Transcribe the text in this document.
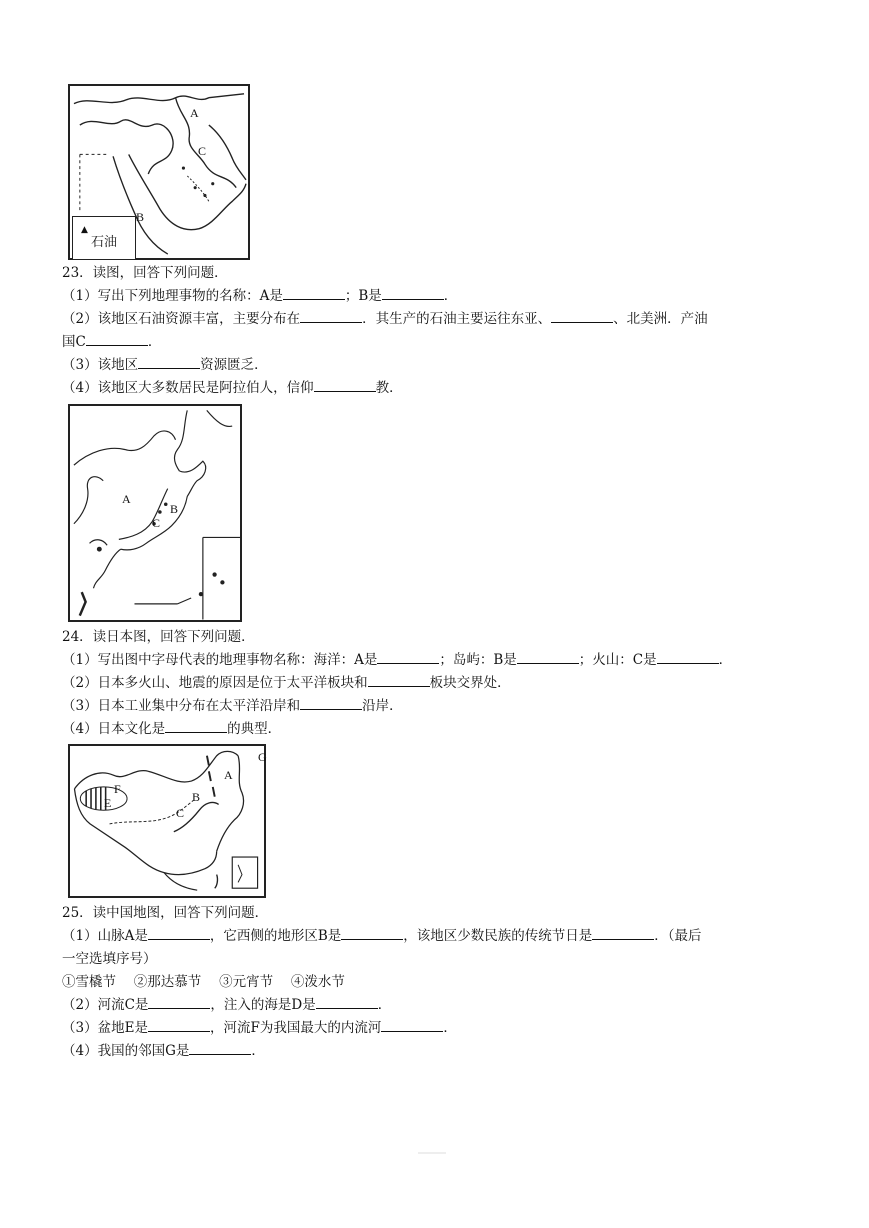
A
C
B
▲
石油
23．读图，回答下列问题．
（1）写出下列地理事物的名称：A是	；B是	．
（2）该地区石油资源丰富，主要分布在	．其生产的石油主要运往东亚、	、北美洲．产油
国C	．
（3）该地区	资源匮乏．
（4）该地区大多数居民是阿拉伯人，信仰	教．
A
B
C
24．读日本图，回答下列问题．
（1）写出图中字母代表的地理事物名称：海洋：A是	；岛屿：B是	；火山：C是	．
（2）日本多火山、地震的原因是位于太平洋板块和	板块交界处．
（3）日本工业集中分布在太平洋沿岸和	沿岸．
（4）日本文化是	的典型．
G
A
F
E	B
C
25．读中国地图，回答下列问题．
（1）山脉A是	，它西侧的地形区B是	，该地区少数民族的传统节日是	．（最后
一空选填序号）
①雪橇节　 ②那达慕节　 ③元宵节　 ④泼水节
（2）河流C是	，注入的海是D是	．
（3）盆地E是	，河流F为我国最大的内流河	．
（4）我国的邻国G是	．
